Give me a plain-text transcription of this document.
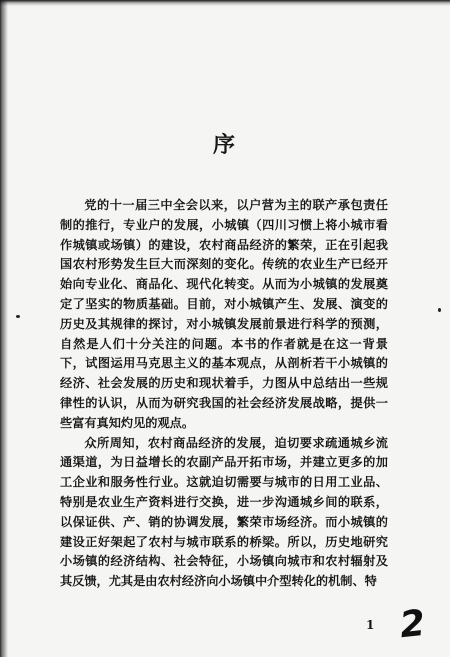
序

党的十一届三中全会以来，以户营为主的联产承包责任制的推行，专业户的发展，小城镇（四川习惯上将小城市看作城镇或场镇）的建设，农村商品经济的繁荣，正在引起我国农村形势发生巨大而深刻的变化。传统的农业生产已经开始向专业化、商品化、现代化转变。从而为小城镇的发展奠定了坚实的物质基础。目前，对小城镇产生、发展、演变的历史及其规律的探讨，对小城镇发展前景进行科学的预测，自然是人们十分关注的问题。本书的作者就是在这一背景下，试图运用马克思主义的基本观点，从剖析若干小城镇的经济、社会发展的历史和现状着手，力图从中总结出一些规律性的认识，从而为研究我国的社会经济发展战略，提供一些富有真知灼见的观点。

众所周知，农村商品经济的发展，迫切要求疏通城乡流通渠道，为日益增长的农副产品开拓市场，并建立更多的加工企业和服务性行业。这就迫切需要与城市的日用工业品、特别是农业生产资料进行交换，进一步沟通城乡间的联系，以保证供、产、销的协调发展，繁荣市场经济。而小城镇的建设正好架起了农村与城市联系的桥梁。所以，历史地研究小场镇的经济结构、社会特征，小场镇向城市和农村辐射及其反馈，尤其是由农村经济向小场镇中介型转化的机制、特

1 2
